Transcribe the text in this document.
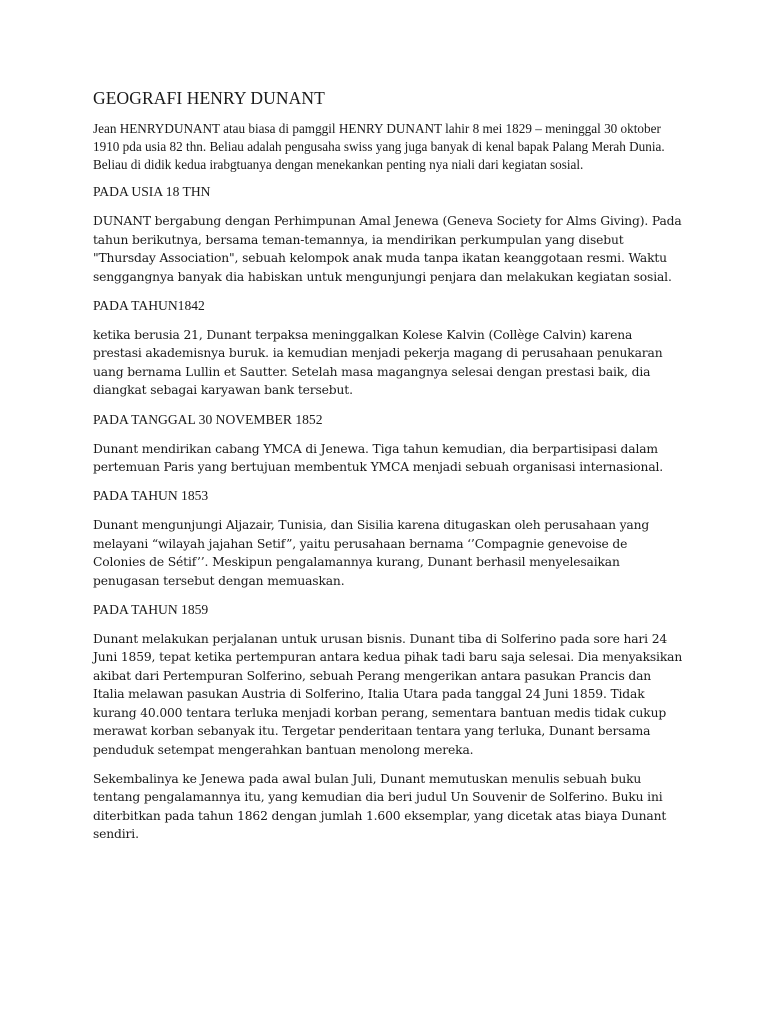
GEOGRAFI HENRY DUNANT

Jean HENRYDUNANT atau biasa di pamggil HENRY DUNANT lahir 8 mei 1829 – meninggal 30 oktober 1910 pda usia 82 thn. Beliau adalah pengusaha swiss yang juga banyak di kenal bapak Palang Merah Dunia. Beliau di didik kedua irabgtuanya dengan menekankan penting nya niali dari kegiatan sosial.

PADA USIA 18 THN

DUNANT bergabung dengan Perhimpunan Amal Jenewa (Geneva Society for Alms Giving). Pada tahun berikutnya, bersama teman-temannya, ia mendirikan perkumpulan yang disebut "Thursday Association", sebuah kelompok anak muda tanpa ikatan keanggotaan resmi. Waktu senggangnya banyak dia habiskan untuk mengunjungi penjara dan melakukan kegiatan sosial.

PADA TAHUN1842

ketika berusia 21, Dunant terpaksa meninggalkan Kolese Kalvin (Collège Calvin) karena prestasi akademisnya buruk. ia kemudian menjadi pekerja magang di perusahaan penukaran uang bernama Lullin et Sautter. Setelah masa magangnya selesai dengan prestasi baik, dia diangkat sebagai karyawan bank tersebut.

PADA TANGGAL 30 NOVEMBER 1852

Dunant mendirikan cabang YMCA di Jenewa. Tiga tahun kemudian, dia berpartisipasi dalam pertemuan Paris yang bertujuan membentuk YMCA menjadi sebuah organisasi internasional.

PADA TAHUN 1853

Dunant mengunjungi Aljazair, Tunisia, dan Sisilia karena ditugaskan oleh perusahaan yang melayani “wilayah jajahan Setif”, yaitu perusahaan bernama ‘’Compagnie genevoise de Colonies de Sétif’’. Meskipun pengalamannya kurang, Dunant berhasil menyelesaikan penugasan tersebut dengan memuaskan.

PADA TAHUN 1859

Dunant melakukan perjalanan untuk urusan bisnis. Dunant tiba di Solferino pada sore hari 24 Juni 1859, tepat ketika pertempuran antara kedua pihak tadi baru saja selesai. Dia menyaksikan akibat dari Pertempuran Solferino, sebuah Perang mengerikan antara pasukan Prancis dan Italia melawan pasukan Austria di Solferino, Italia Utara pada tanggal 24 Juni 1859. Tidak kurang 40.000 tentara terluka menjadi korban perang, sementara bantuan medis tidak cukup merawat korban sebanyak itu. Tergetar penderitaan tentara yang terluka, Dunant bersama penduduk setempat mengerahkan bantuan menolong mereka.

Sekembalinya ke Jenewa pada awal bulan Juli, Dunant memutuskan menulis sebuah buku tentang pengalamannya itu, yang kemudian dia beri judul Un Souvenir de Solferino. Buku ini diterbitkan pada tahun 1862 dengan jumlah 1.600 eksemplar, yang dicetak atas biaya Dunant sendiri.
